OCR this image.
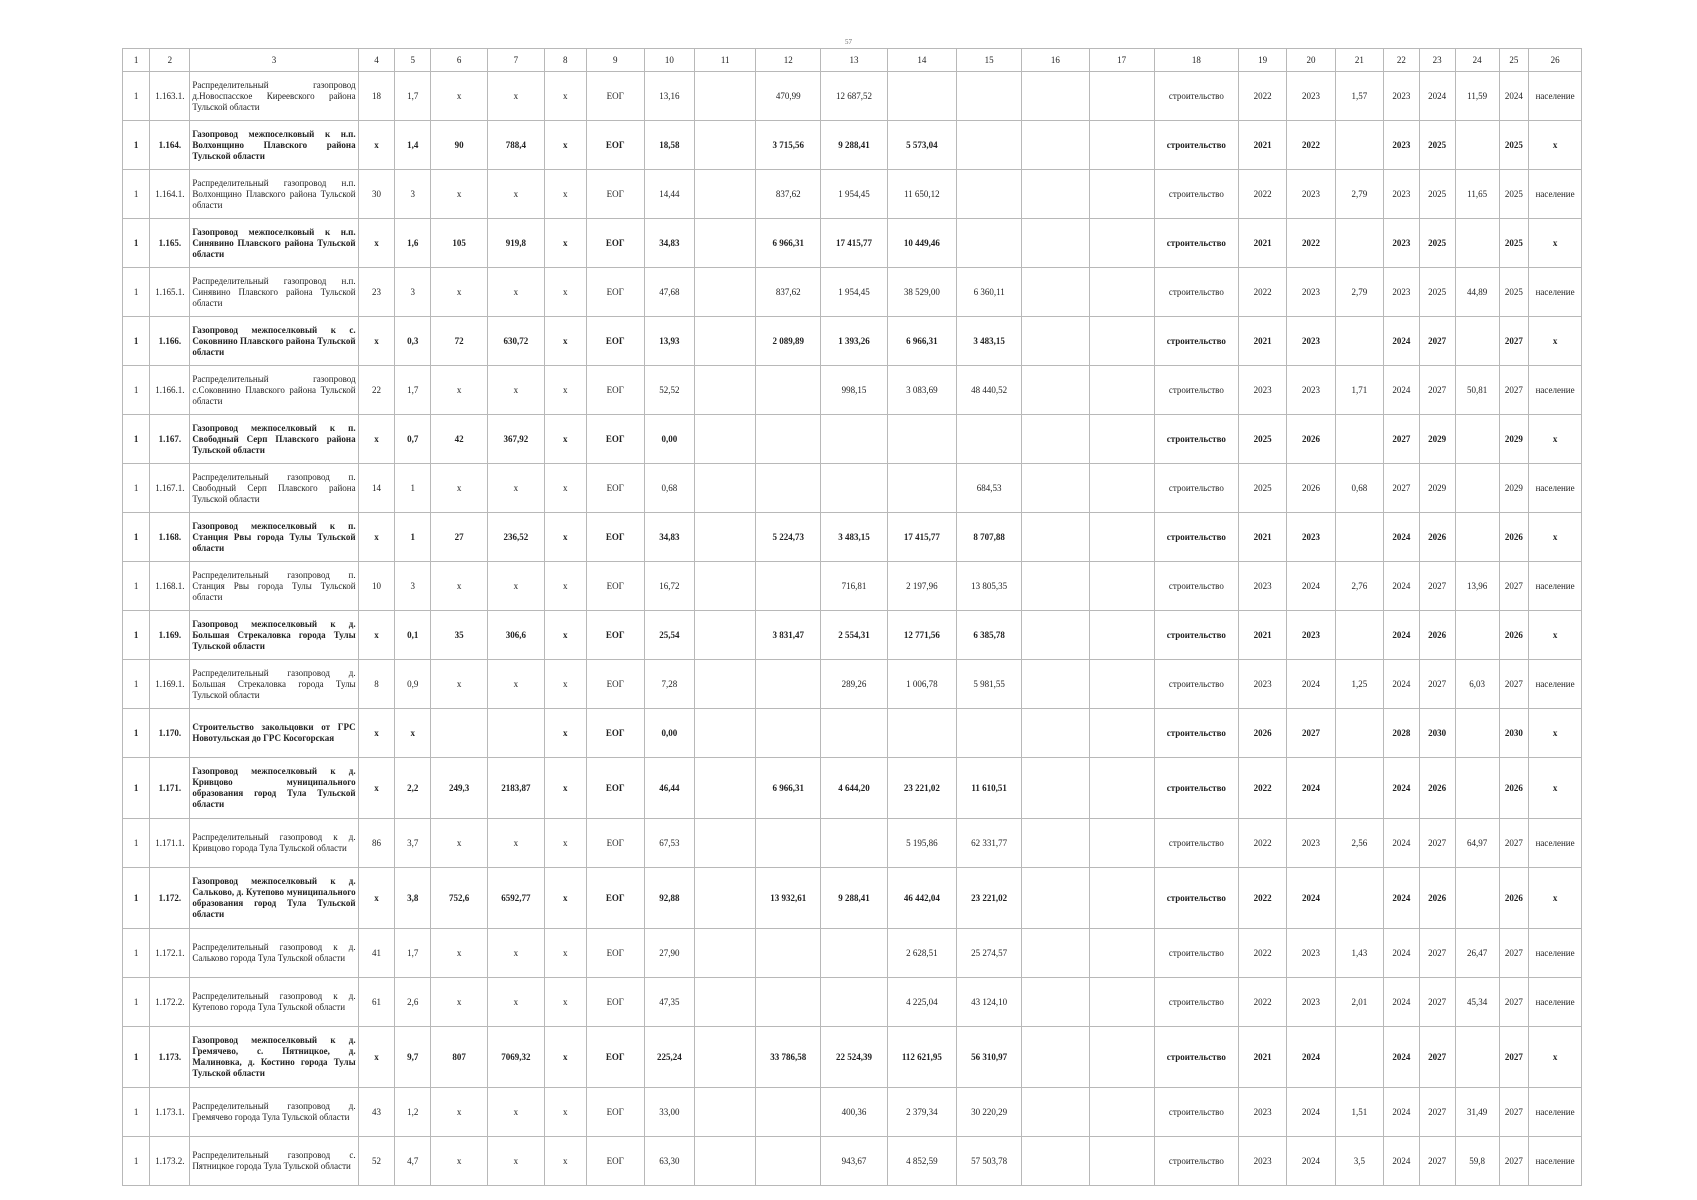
57
1	2	3	4	5	6	7	8	9	10	11	12	13	14	15	16	17	18	19	20	21	22	23	24	25	26
1	1.163.1.	Распределительный газопровод д.Новоспасское Киреевского района Тульской области	18	1,7	x	x	x	ЕОГ	13,16		470,99	12 687,52					строительство	2022	2023	1,57	2023	2024	11,59	2024	население
1	1.164.	Газопровод межпоселковый к н.п. Волхонщино Плавского района Тульской области	x	1,4	90	788,4	x	ЕОГ	18,58		3 715,56	9 288,41	5 573,04				строительство	2021	2022		2023	2025		2025	x
1	1.164.1.	Распределительный газопровод н.п. Волхонщино Плавского района Тульской области	30	3	x	x	x	ЕОГ	14,44		837,62	1 954,45	11 650,12				строительство	2022	2023	2,79	2023	2025	11,65	2025	население
1	1.165.	Газопровод межпоселковый к н.п. Синявино Плавского района Тульской области	x	1,6	105	919,8	x	ЕОГ	34,83		6 966,31	17 415,77	10 449,46				строительство	2021	2022		2023	2025		2025	x
1	1.165.1.	Распределительный газопровод н.п. Синявино Плавского района Тульской области	23	3	x	x	x	ЕОГ	47,68		837,62	1 954,45	38 529,00	6 360,11			строительство	2022	2023	2,79	2023	2025	44,89	2025	население
1	1.166.	Газопровод межпоселковый к с. Соковнино Плавского района Тульской области	x	0,3	72	630,72	x	ЕОГ	13,93		2 089,89	1 393,26	6 966,31	3 483,15			строительство	2021	2023		2024	2027		2027	x
1	1.166.1.	Распределительный газопровод с.Соковнино Плавского района Тульской области	22	1,7	x	x	x	ЕОГ	52,52			998,15	3 083,69	48 440,52			строительство	2023	2023	1,71	2024	2027	50,81	2027	население
1	1.167.	Газопровод межпоселковый к п. Свободный Серп Плавского района Тульской области	x	0,7	42	367,92	x	ЕОГ	0,00								строительство	2025	2026		2027	2029		2029	x
1	1.167.1.	Распределительный газопровод п. Свободный Серп Плавского района Тульской области	14	1	x	x	x	ЕОГ	0,68					684,53			строительство	2025	2026	0,68	2027	2029		2029	население
1	1.168.	Газопровод межпоселковый к п. Станция Рвы города Тулы Тульской области	x	1	27	236,52	x	ЕОГ	34,83		5 224,73	3 483,15	17 415,77	8 707,88			строительство	2021	2023		2024	2026		2026	x
1	1.168.1.	Распределительный газопровод п. Станция Рвы города Тулы Тульской области	10	3	x	x	x	ЕОГ	16,72			716,81	2 197,96	13 805,35			строительство	2023	2024	2,76	2024	2027	13,96	2027	население
1	1.169.	Газопровод межпоселковый к д. Большая Стрекаловка города Тулы Тульской области	x	0,1	35	306,6	x	ЕОГ	25,54		3 831,47	2 554,31	12 771,56	6 385,78			строительство	2021	2023		2024	2026		2026	x
1	1.169.1.	Распределительный газопровод д. Большая Стрекаловка города Тулы Тульской области	8	0,9	x	x	x	ЕОГ	7,28			289,26	1 006,78	5 981,55			строительство	2023	2024	1,25	2024	2027	6,03	2027	население
1	1.170.	Строительство закольцовки от ГРС Новотульская до ГРС Косогорская	x	x			x	ЕОГ	0,00								строительство	2026	2027		2028	2030		2030	x
1	1.171.	Газопровод межпоселковый к д. Кривцово муниципального образования город Тула Тульской области	x	2,2	249,3	2183,87	x	ЕОГ	46,44		6 966,31	4 644,20	23 221,02	11 610,51			строительство	2022	2024		2024	2026		2026	x
1	1.171.1.	Распределительный газопровод к д. Кривцово города Тула Тульской области	86	3,7	x	x	x	ЕОГ	67,53				5 195,86	62 331,77			строительство	2022	2023	2,56	2024	2027	64,97	2027	население
1	1.172.	Газопровод межпоселковый к д. Сальково, д. Кутепово муниципального образования город Тула Тульской области	x	3,8	752,6	6592,77	x	ЕОГ	92,88		13 932,61	9 288,41	46 442,04	23 221,02			строительство	2022	2024		2024	2026		2026	x
1	1.172.1.	Распределительный газопровод к д. Сальково города Тула Тульской области	41	1,7	x	x	x	ЕОГ	27,90				2 628,51	25 274,57			строительство	2022	2023	1,43	2024	2027	26,47	2027	население
1	1.172.2.	Распределительный газопровод к д. Кутепово города Тула Тульской области	61	2,6	x	x	x	ЕОГ	47,35				4 225,04	43 124,10			строительство	2022	2023	2,01	2024	2027	45,34	2027	население
1	1.173.	Газопровод межпоселковый к д. Гремячево, с. Пятницкое, д. Малиновка, д. Костино города Тулы Тульской области	x	9,7	807	7069,32	x	ЕОГ	225,24		33 786,58	22 524,39	112 621,95	56 310,97			строительство	2021	2024		2024	2027		2027	x
1	1.173.1.	Распределительный газопровод д. Гремячево города Тула Тульской области	43	1,2	x	x	x	ЕОГ	33,00			400,36	2 379,34	30 220,29			строительство	2023	2024	1,51	2024	2027	31,49	2027	население
1	1.173.2.	Распределительный газопровод с. Пятницкое города Тула Тульской области	52	4,7	x	x	x	ЕОГ	63,30			943,67	4 852,59	57 503,78			строительство	2023	2024	3,5	2024	2027	59,8	2027	население
